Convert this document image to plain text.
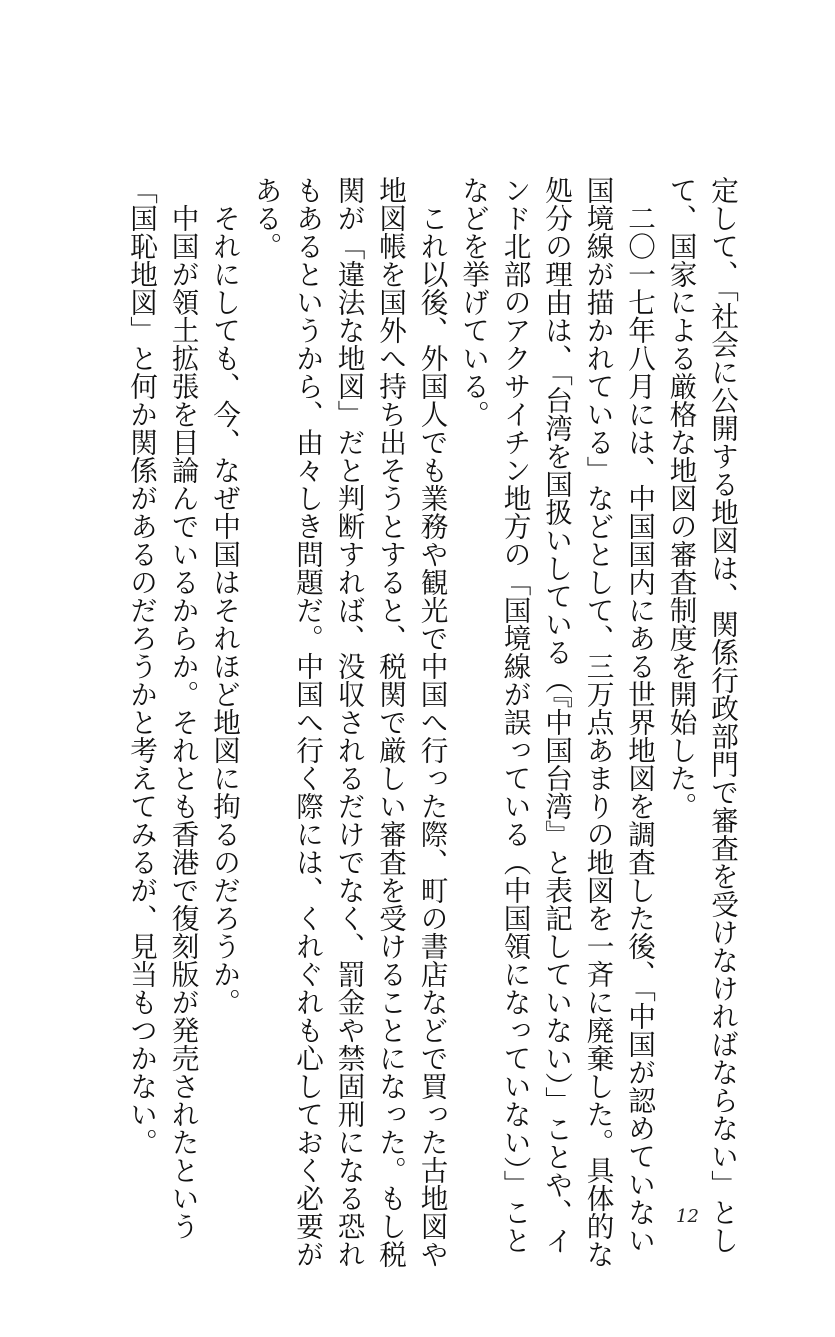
定して、「社会に公開する地図は、関係行政部門で審査を受けなければならない」とし
て、国家による厳格な地図の審査制度を開始した。
　二〇一七年八月には、中国国内にある世界地図を調査した後、「中国が認めていない
国境線が描かれている」などとして、三万点あまりの地図を一斉に廃棄した。具体的な
処分の理由は、「台湾を国扱いしている（『中国台湾』と表記していない）」ことや、イ
ンド北部のアクサイチン地方の「国境線が誤っている（中国領になっていない）」こと
などを挙げている。
　これ以後、外国人でも業務や観光で中国へ行った際、町の書店などで買った古地図や
地図帳を国外へ持ち出そうとすると、税関で厳しい審査を受けることになった。もし税
関が「違法な地図」だと判断すれば、没収されるだけでなく、罰金や禁固刑になる恐れ
もあるというから、由々しき問題だ。中国へ行く際には、くれぐれも心しておく必要が
ある。
　それにしても、今、なぜ中国はそれほど地図に拘るのだろうか。
　中国が領土拡張を目論んでいるからか。それとも香港で復刻版が発売されたという
「国恥地図」と何か関係があるのだろうかと考えてみるが、見当もつかない。
12
